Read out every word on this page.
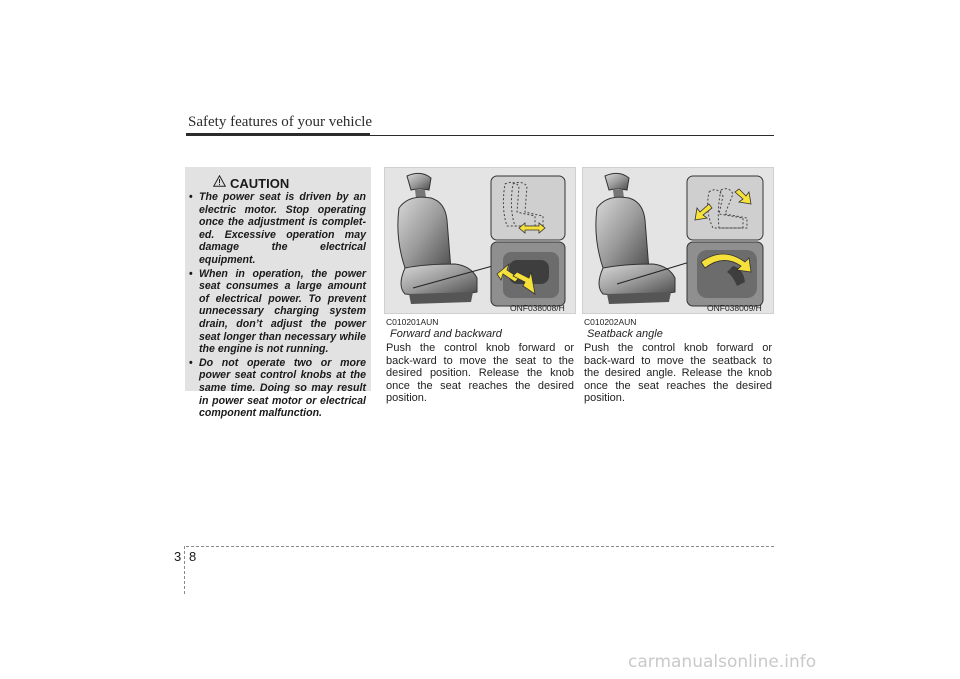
Safety features of your vehicle
CAUTION
• The power seat is driven by an electric motor. Stop operating once the adjustment is complet-ed. Excessive operation may damage the electrical equipment.
• When in operation, the power seat consumes a large amount of electrical power. To prevent unnecessary charging system drain, don’t adjust the power seat longer than necessary while the engine is not running.
• Do not operate two or more power seat control knobs at the same time. Doing so may result in power seat motor or electrical component malfunction.
ONF038008/H	ONF038009/H
C010201AUN
Forward and backward
Push the control knob forward or back-ward to move the seat to the desired position. Release the knob once the seat reaches the desired position.
C010202AUN
Seatback angle
Push the control knob forward or back-ward to move the seatback to the desired angle. Release the knob once the seat reaches the desired position.
3 8
carmanualsonline.info
